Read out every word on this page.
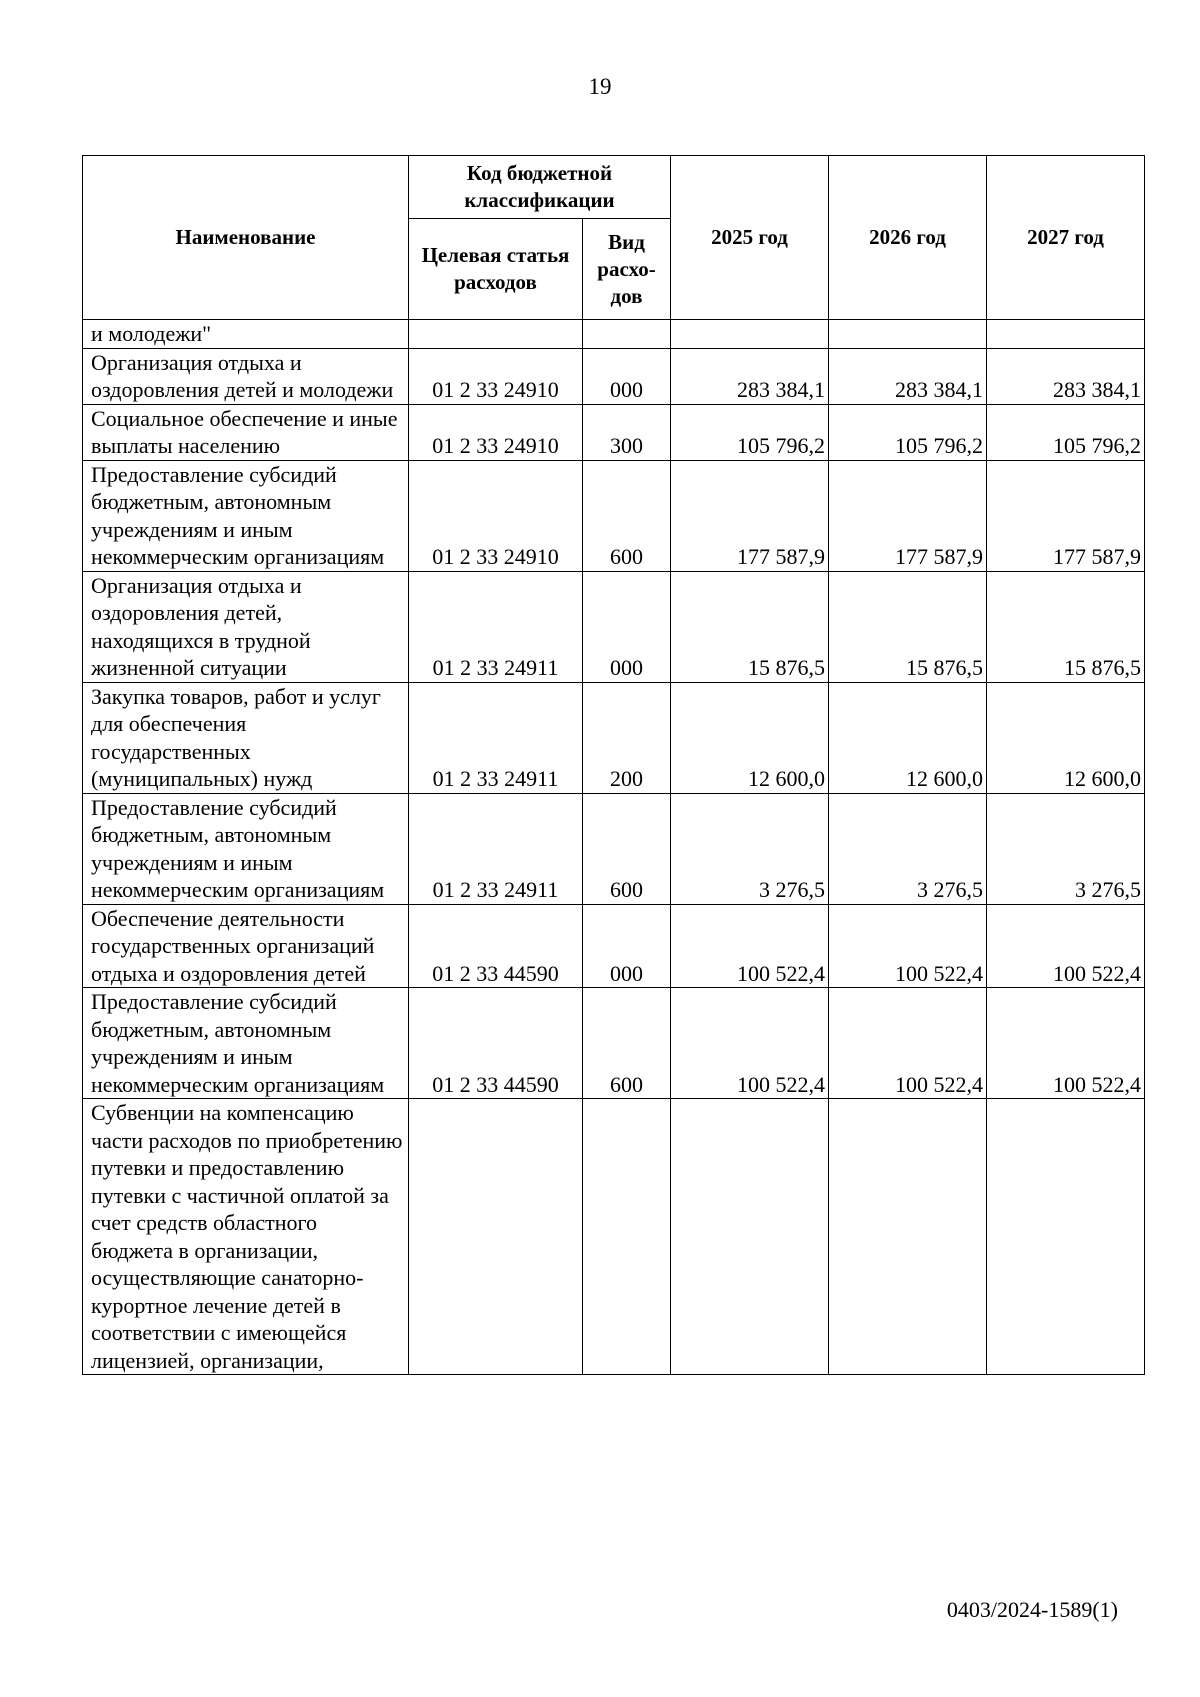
19
Наименование	Код бюджетной классификации		2025 год	2026 год	2027 год
	Целевая статья расходов	Вид расхо-дов			
и молодежи"					
Организация отдыха и оздоровления детей и молодежи	01 2 33 24910	000	283 384,1	283 384,1	283 384,1
Социальное обеспечение и иные выплаты населению	01 2 33 24910	300	105 796,2	105 796,2	105 796,2
Предоставление субсидий бюджетным, автономным учреждениям и иным некоммерческим организациям	01 2 33 24910	600	177 587,9	177 587,9	177 587,9
Организация отдыха и оздоровления детей, находящихся в трудной жизненной ситуации	01 2 33 24911	000	15 876,5	15 876,5	15 876,5
Закупка товаров, работ и услуг для обеспечения государственных (муниципальных) нужд	01 2 33 24911	200	12 600,0	12 600,0	12 600,0
Предоставление субсидий бюджетным, автономным учреждениям и иным некоммерческим организациям	01 2 33 24911	600	3 276,5	3 276,5	3 276,5
Обеспечение деятельности государственных организаций отдыха и оздоровления детей	01 2 33 44590	000	100 522,4	100 522,4	100 522,4
Предоставление субсидий бюджетным, автономным учреждениям и иным некоммерческим организациям	01 2 33 44590	600	100 522,4	100 522,4	100 522,4
Субвенции на компенсацию части расходов по приобретению путевки и предоставлению путевки с частичной оплатой за счет средств областного бюджета в организации, осуществляющие санаторно-курортное лечение детей в соответствии с имеющейся лицензией, организации,					
0403/2024-1589(1)
